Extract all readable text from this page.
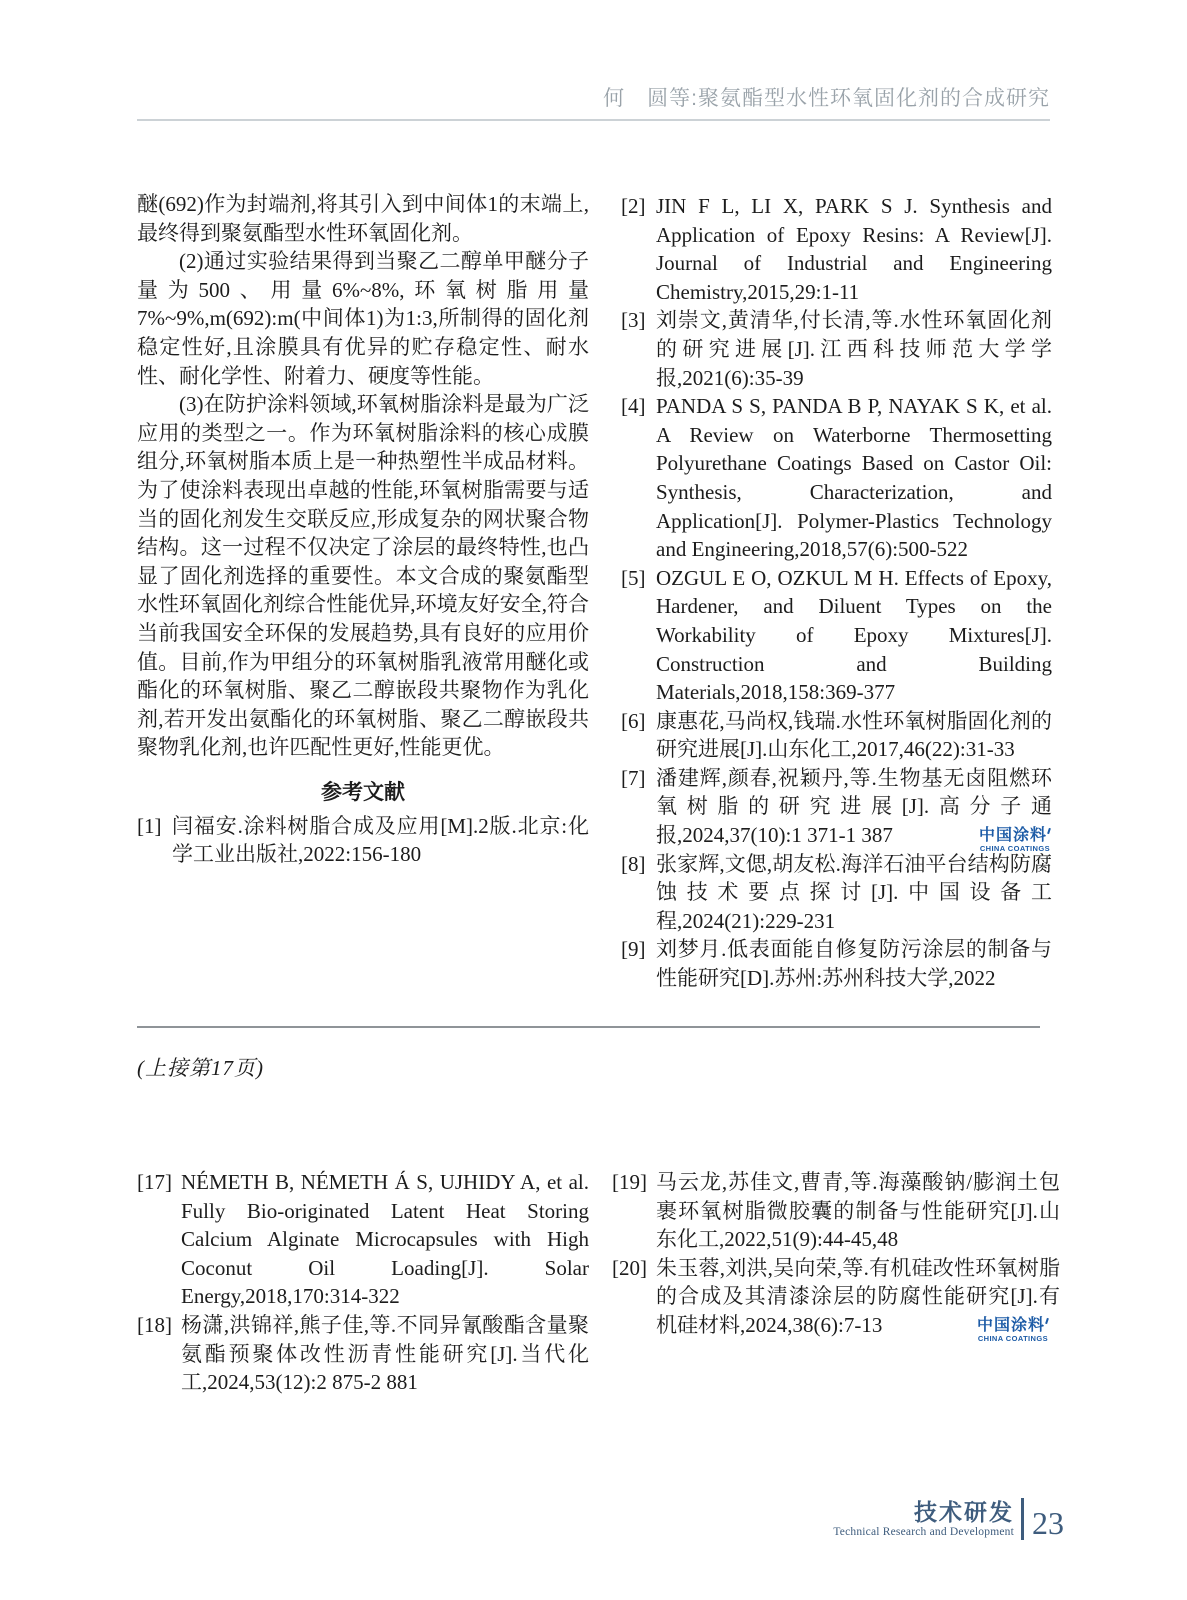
何　圆等:聚氨酯型水性环氧固化剂的合成研究

醚(692)作为封端剂,将其引入到中间体1的末端上,最终得到聚氨酯型水性环氧固化剂。

(2)通过实验结果得到当聚乙二醇单甲醚分子量为500、用量6%~8%,环氧树脂用量7%~9%,m(692):m(中间体1)为1:3,所制得的固化剂稳定性好,且涂膜具有优异的贮存稳定性、耐水性、耐化学性、附着力、硬度等性能。

(3)在防护涂料领域,环氧树脂涂料是最为广泛应用的类型之一。作为环氧树脂涂料的核心成膜组分,环氧树脂本质上是一种热塑性半成品材料。为了使涂料表现出卓越的性能,环氧树脂需要与适当的固化剂发生交联反应,形成复杂的网状聚合物结构。这一过程不仅决定了涂层的最终特性,也凸显了固化剂选择的重要性。本文合成的聚氨酯型水性环氧固化剂综合性能优异,环境友好安全,符合当前我国安全环保的发展趋势,具有良好的应用价值。目前,作为甲组分的环氧树脂乳液常用醚化或酯化的环氧树脂、聚乙二醇嵌段共聚物作为乳化剂,若开发出氨酯化的环氧树脂、聚乙二醇嵌段共聚物乳化剂,也许匹配性更好,性能更优。

参考文献
[1] 闫福安.涂料树脂合成及应用[M].2版.北京:化学工业出版社,2022:156-180
[2] JIN F L, LI X, PARK S J. Synthesis and Application of Epoxy Resins: A Review[J]. Journal of Industrial and Engineering Chemistry,2015,29:1-11
[3] 刘崇文,黄清华,付长清,等.水性环氧固化剂的研究进展[J].江西科技师范大学学报,2021(6):35-39
[4] PANDA S S, PANDA B P, NAYAK S K, et al. A Review on Waterborne Thermosetting Polyurethane Coatings Based on Castor Oil: Synthesis, Characterization, and Application[J]. Polymer-Plastics Technology and Engineering,2018,57(6):500-522
[5] OZGUL E O, OZKUL M H. Effects of Epoxy, Hardener, and Diluent Types on the Workability of Epoxy Mixtures[J]. Construction and Building Materials,2018,158:369-377
[6] 康惠花,马尚权,钱瑞.水性环氧树脂固化剂的研究进展[J].山东化工,2017,46(22):31-33
[7] 潘建辉,颜春,祝颖丹,等.生物基无卤阻燃环氧树脂的研究进展[J].高分子通报,2024,37(10):1 371-1 387
[8] 张家辉,文偲,胡友松.海洋石油平台结构防腐蚀技术要点探讨[J].中国设备工程,2024(21):229-231
[9] 刘梦月.低表面能自修复防污涂层的制备与性能研究[D].苏州:苏州科技大学,2022
中国涂料
CHINA COATINGS
(上接第17页)
[17] NÉMETH B, NÉMETH Á S, UJHIDY A, et al. Fully Bio-originated Latent Heat Storing Calcium Alginate Microcapsules with High Coconut Oil Loading[J]. Solar Energy,2018,170:314-322
[18] 杨潇,洪锦祥,熊子佳,等.不同异氰酸酯含量聚氨酯预聚体改性沥青性能研究[J].当代化工,2024,53(12):2 875-2 881
[19] 马云龙,苏佳文,曹青,等.海藻酸钠/膨润土包裹环氧树脂微胶囊的制备与性能研究[J].山东化工,2022,51(9):44-45,48
[20] 朱玉蓉,刘洪,吴向荣,等.有机硅改性环氧树脂的合成及其清漆涂层的防腐性能研究[J].有机硅材料,2024,38(6):7-13	中国涂料
CHINA COATINGS
技术研发
Technical Research and Development 23
